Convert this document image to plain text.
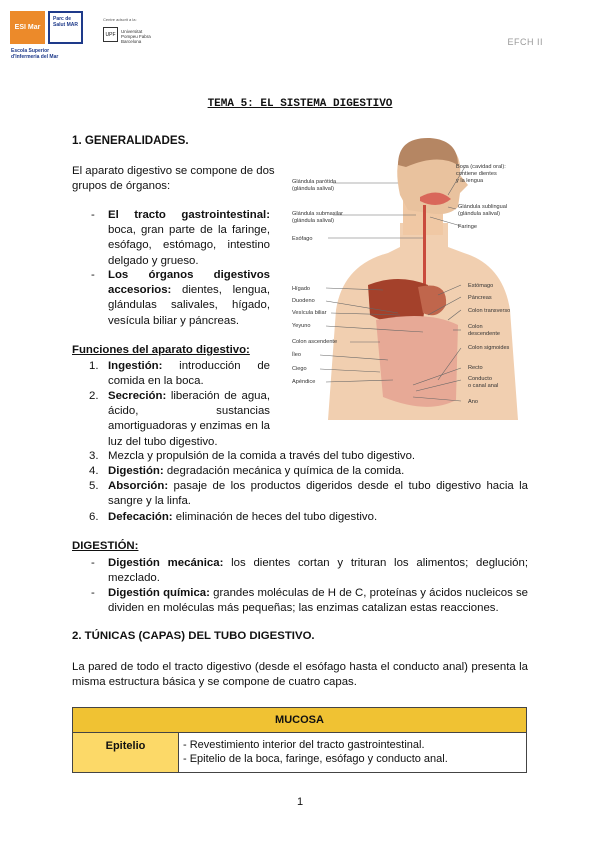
ESI Mar
Parc de Salut MAR
Escola Superior
d'Infermeria del Mar
Centre adscrit a la:
UPF	Universitat Pompeu Fabra Barcelona	EFCH II
TEMA 5: EL SISTEMA DIGESTIVO
1. GENERALIDADES.
El aparato digestivo se compone de dos grupos de órganos:
- El tracto gastrointestinal: boca, gran parte de la faringe, esófago, estómago, intestino delgado y grueso.
- Los órganos digestivos accesorios: dientes, lengua, glándulas salivales, hígado, vesícula biliar y páncreas.
Funciones del aparato digestivo:
1. Ingestión: introducción de comida en la boca.
2. Secreción: liberación de agua, ácido, sustancias amortiguadoras y enzimas en la luz del tubo digestivo.
3. Mezcla y propulsión de la comida a través del tubo digestivo.
4. Digestión: degradación mecánica y química de la comida.
5. Absorción: pasaje de los productos digeridos desde el tubo digestivo hacia la sangre y la linfa.
6. Defecación: eliminación de heces del tubo digestivo.
DIGESTIÓN:
- Digestión mecánica: los dientes cortan y trituran los alimentos; deglución; mezclado.
- Digestión química: grandes moléculas de H de C, proteínas y ácidos nucleicos se dividen en moléculas más pequeñas; las enzimas catalizan estas reacciones.
2. TÚNICAS (CAPAS) DEL TUBO DIGESTIVO.
La pared de todo el tracto digestivo (desde el esófago hasta el conducto anal) presenta la misma estructura básica y se compone de cuatro capas.
MUCOSA
Epitelio	- Revestimiento interior del tracto gastrointestinal.
- Epitelio de la boca, faringe, esófago y conducto anal.
1
Glándula parótida
(glándula salival)
Glándula submaxilar
(glándula salival)
Esófago
Hígado
Duodeno
Vesícula biliar
Yeyuno
Colon ascendente
Íleo
Ciego
Apéndice
Boca (cavidad oral):
contiene dientes
y la lengua
Glándula sublingual
(glándula salival)
Faringe
Estómago
Páncreas
Colon transverso
Colon
descendente
Colon sigmoides
Recto
Conducto
o canal anal
Ano
